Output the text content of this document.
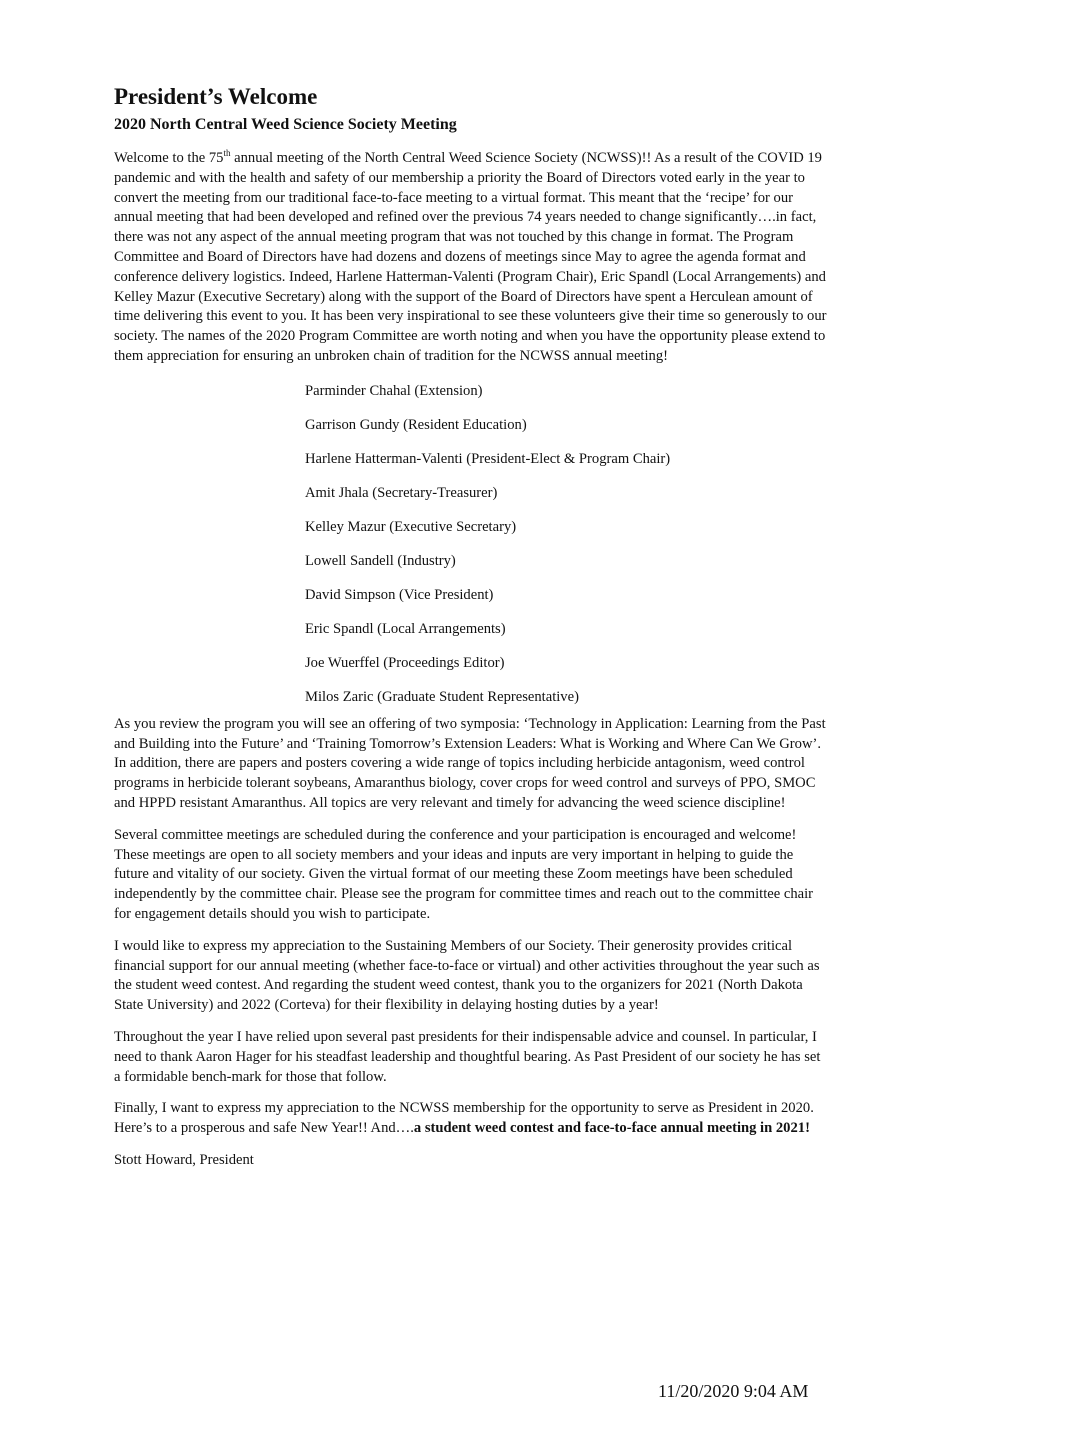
President’s Welcome
2020 North Central Weed Science Society Meeting

Welcome to the 75th annual meeting of the North Central Weed Science Society (NCWSS)!! As a result of the COVID 19 pandemic and with the health and safety of our membership a priority the Board of Directors voted early in the year to convert the meeting from our traditional face-to-face meeting to a virtual format. This meant that the ‘recipe’ for our annual meeting that had been developed and refined over the previous 74 years needed to change significantly….in fact, there was not any aspect of the annual meeting program that was not touched by this change in format. The Program Committee and Board of Directors have had dozens and dozens of meetings since May to agree the agenda format and conference delivery logistics. Indeed, Harlene Hatterman-Valenti (Program Chair), Eric Spandl (Local Arrangements) and Kelley Mazur (Executive Secretary) along with the support of the Board of Directors have spent a Herculean amount of time delivering this event to you. It has been very inspirational to see these volunteers give their time so generously to our society. The names of the 2020 Program Committee are worth noting and when you have the opportunity please extend to them appreciation for ensuring an unbroken chain of tradition for the NCWSS annual meeting!

Parminder Chahal (Extension)
Garrison Gundy (Resident Education)
Harlene Hatterman-Valenti (President-Elect & Program Chair)
Amit Jhala (Secretary-Treasurer)
Kelley Mazur (Executive Secretary)
Lowell Sandell (Industry)
David Simpson (Vice President)
Eric Spandl (Local Arrangements)
Joe Wuerffel (Proceedings Editor)
Milos Zaric (Graduate Student Representative)

As you review the program you will see an offering of two symposia: ‘Technology in Application: Learning from the Past and Building into the Future’ and ‘Training Tomorrow’s Extension Leaders: What is Working and Where Can We Grow’. In addition, there are papers and posters covering a wide range of topics including herbicide antagonism, weed control programs in herbicide tolerant soybeans, Amaranthus biology, cover crops for weed control and surveys of PPO, SMOC and HPPD resistant Amaranthus. All topics are very relevant and timely for advancing the weed science discipline!

Several committee meetings are scheduled during the conference and your participation is encouraged and welcome! These meetings are open to all society members and your ideas and inputs are very important in helping to guide the future and vitality of our society. Given the virtual format of our meeting these Zoom meetings have been scheduled independently by the committee chair. Please see the program for committee times and reach out to the committee chair for engagement details should you wish to participate.

I would like to express my appreciation to the Sustaining Members of our Society. Their generosity provides critical financial support for our annual meeting (whether face-to-face or virtual) and other activities throughout the year such as the student weed contest. And regarding the student weed contest, thank you to the organizers for 2021 (North Dakota State University) and 2022 (Corteva) for their flexibility in delaying hosting duties by a year!

Throughout the year I have relied upon several past presidents for their indispensable advice and counsel. In particular, I need to thank Aaron Hager for his steadfast leadership and thoughtful bearing. As Past President of our society he has set a formidable bench-mark for those that follow.

Finally, I want to express my appreciation to the NCWSS membership for the opportunity to serve as President in 2020. Here’s to a prosperous and safe New Year!! And….a student weed contest and face-to-face annual meeting in 2021!

Stott Howard, President

11/20/2020 9:04 AM
